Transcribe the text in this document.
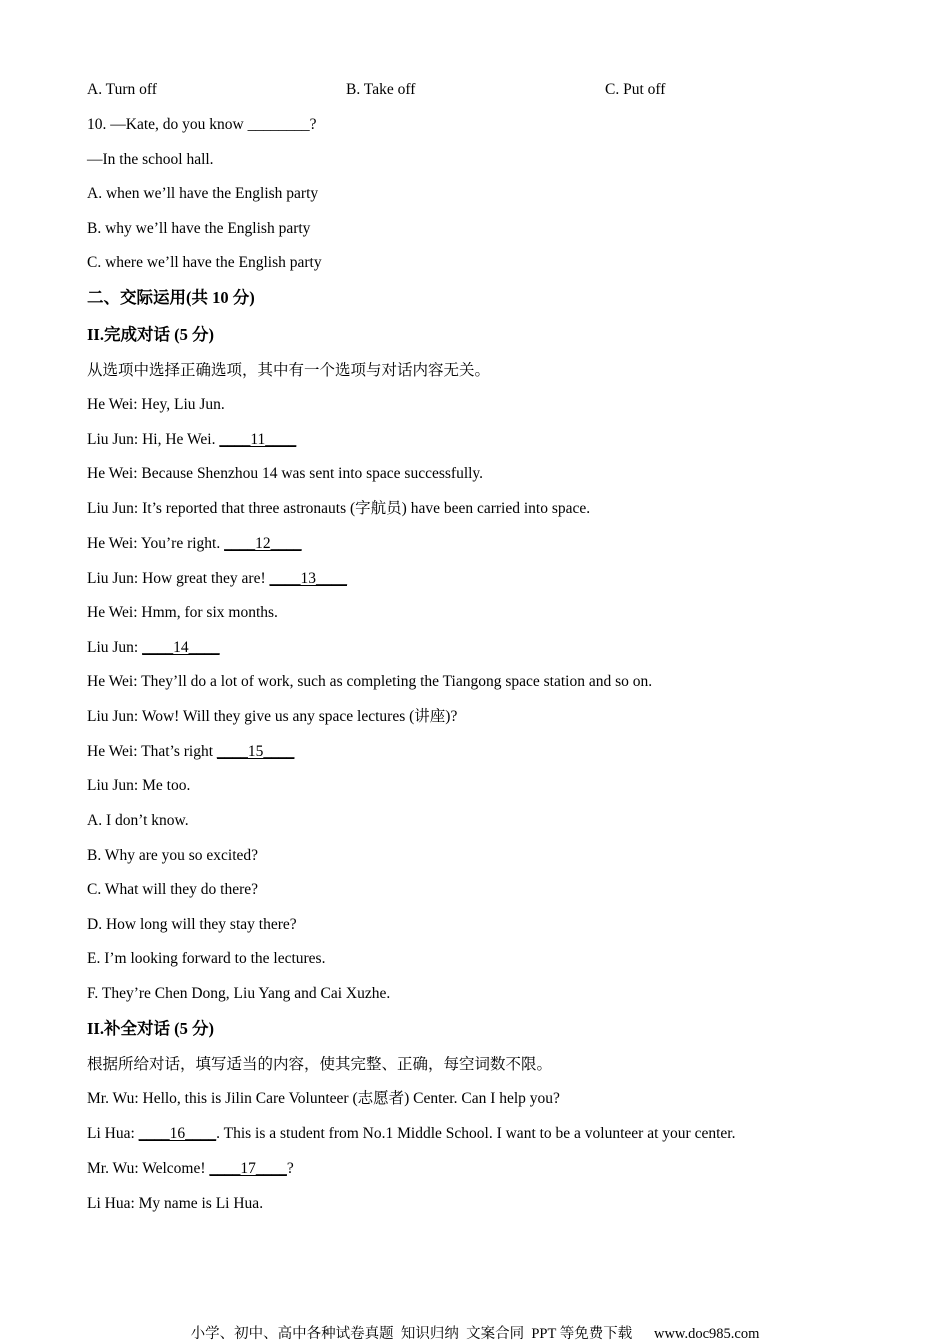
A. Turn off	B. Take off	C. Put off
10. —Kate, do you know ________?
—In the school hall.
A. when we’ll have the English party
B. why we’ll have the English party
C. where we’ll have the English party
二、交际运用(共 10 分)
II.完成对话 (5 分)
从选项中选择正确选项，其中有一个选项与对话内容无关。
He Wei: Hey, Liu Jun.
Liu Jun: Hi, He Wei. ____11____
He Wei: Because Shenzhou 14 was sent into space successfully.
Liu Jun: It’s reported that three astronauts (字航员) have been carried into space.
He Wei: You’re right. ____12____
Liu Jun: How great they are! ____13____
He Wei: Hmm, for six months.
Liu Jun: ____14____
He Wei: They’ll do a lot of work, such as completing the Tiangong space station and so on.
Liu Jun: Wow! Will they give us any space lectures (讲座)?
He Wei: That’s right ____15____
Liu Jun: Me too.
A. I don’t know.
B. Why are you so excited?
C. What will they do there?
D. How long will they stay there?
E. I’m looking forward to the lectures.
F. They’re Chen Dong, Liu Yang and Cai Xuzhe.
II.补全对话 (5 分)
根据所给对话，填写适当的内容，使其完整、正确，每空词数不限。
Mr. Wu: Hello, this is Jilin Care Volunteer (志愿者) Center. Can I help you?
Li Hua: ____16____. This is a student from No.1 Middle School. I want to be a volunteer at your center.
Mr. Wu: Welcome! ____17____?
Li Hua: My name is Li Hua.
小学、初中、高中各种试卷真题  知识归纳  文案合同  PPT 等免费下载      www.doc985.com
